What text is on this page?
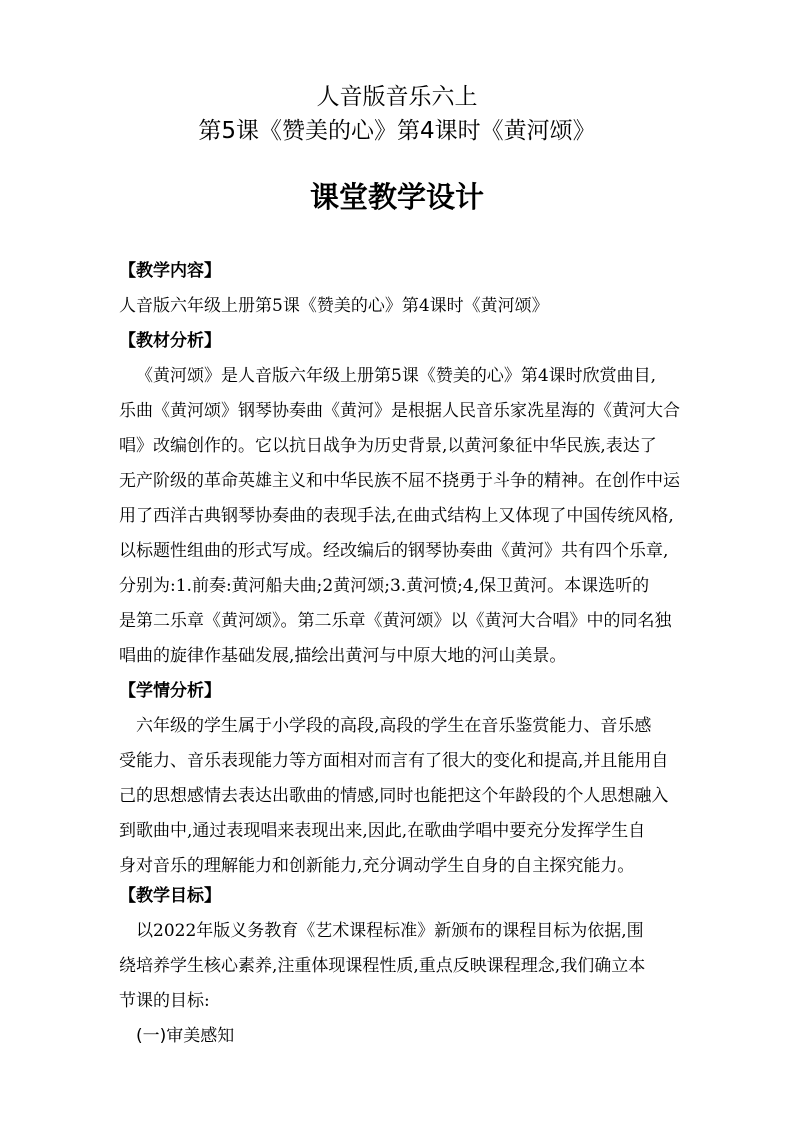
人音版音乐六上
第5课《赞美的心》第4课时《黄河颂》
课堂教学设计
【教学内容】
人音版六年级上册第5课《赞美的心》第4课时《黄河颂》
【教材分析】
《黄河颂》是人音版六年级上册第5课《赞美的心》第4课时欣赏曲目,
乐曲《黄河颂》钢琴协奏曲《黄河》是根据人民音乐家冼星海的《黄河大合
唱》改编创作的。它以抗日战争为历史背景,以黄河象征中华民族,表达了
无产阶级的革命英雄主义和中华民族不屈不挠勇于斗争的精神。在创作中运
用了西洋古典钢琴协奏曲的表现手法,在曲式结构上又体现了中国传统风格,
以标题性组曲的形式写成。经改编后的钢琴协奏曲《黄河》共有四个乐章,
分别为:1.前奏:黄河船夫曲;2黄河颂;3.黄河愤;4,保卫黄河。本课选听的
是第二乐章《黄河颂》。第二乐章《黄河颂》以《黄河大合唱》中的同名独
唱曲的旋律作基础发展,描绘出黄河与中原大地的河山美景。
【学情分析】
六年级的学生属于小学段的高段,高段的学生在音乐鉴赏能力、音乐感
受能力、音乐表现能力等方面相对而言有了很大的变化和提高,并且能用自
己的思想感情去表达出歌曲的情感,同时也能把这个年龄段的个人思想融入
到歌曲中,通过表现唱来表现出来,因此,在歌曲学唱中要充分发挥学生自
身对音乐的理解能力和创新能力,充分调动学生自身的自主探究能力。
【教学目标】
以2022年版义务教育《艺术课程标准》新颁布的课程目标为依据,围
绕培养学生核心素养,注重体现课程性质,重点反映课程理念,我们确立本
节课的目标:
(一)审美感知
